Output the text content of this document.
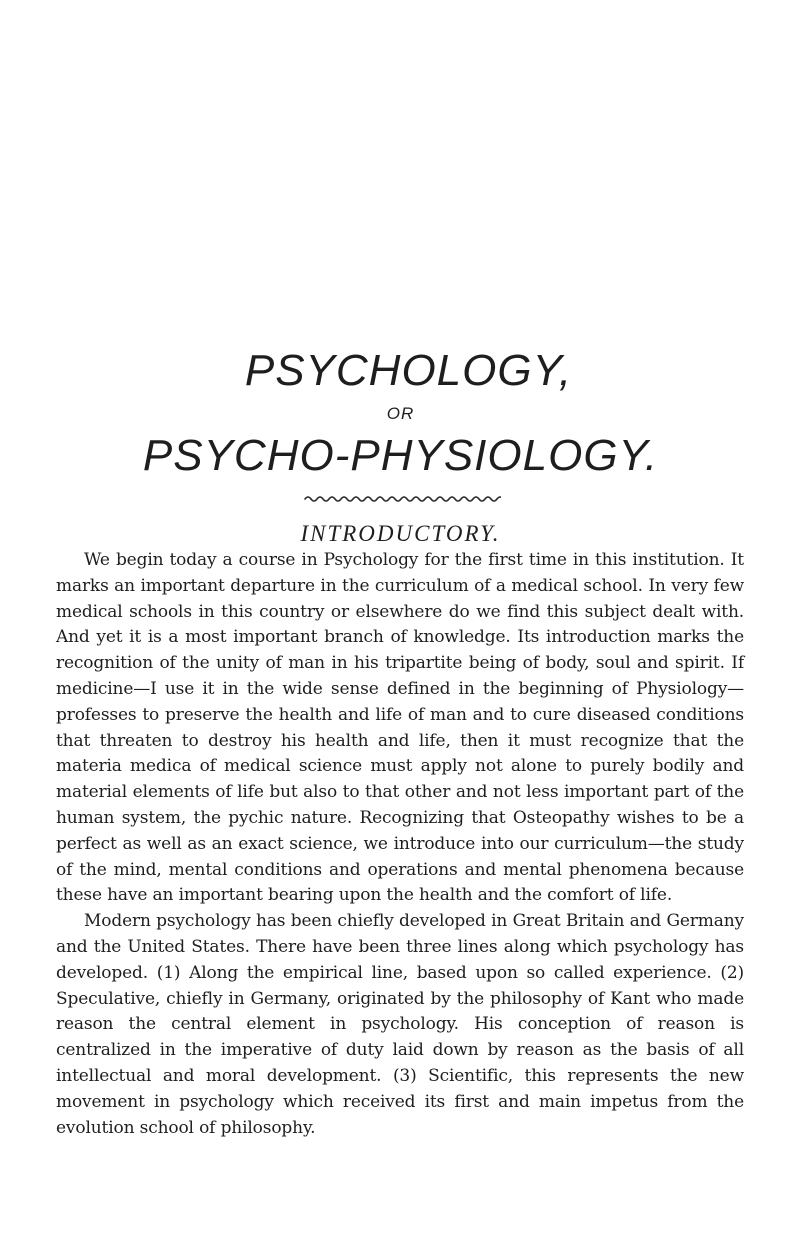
PSYCHOLOGY,
OR
PSYCHO-PHYSIOLOGY.
INTRODUCTORY.

We begin today a course in Psychology for the first time in this institution. It marks an important departure in the curriculum of a medical school. In very few medical schools in this country or elsewhere do we find this subject dealt with. And yet it is a most important branch of knowledge. Its introduction marks the recognition of the unity of man in his tripartite being of body, soul and spirit. If medicine—I use it in the wide sense defined in the beginning of Physiology—professes to preserve the health and life of man and to cure diseased conditions that threaten to destroy his health and life, then it must recognize that the materia medica of medical science must apply not alone to purely bodily and material elements of life but also to that other and not less important part of the human system, the pychic nature. Recognizing that Osteopathy wishes to be a perfect as well as an exact science, we introduce into our curriculum—the study of the mind, mental conditions and operations and mental phenomena because these have an important bearing upon the health and the comfort of life.

Modern psychology has been chiefly developed in Great Britain and Germany and the United States. There have been three lines along which psychology has developed. (1) Along the empirical line, based upon so called experience. (2) Speculative, chiefly in Germany, originated by the philosophy of Kant who made reason the central element in psychology. His conception of reason is centralized in the imperative of duty laid down by reason as the basis of all intellectual and moral development. (3) Scientific, this represents the new movement in psychology which received its first and main impetus from the evolution school of philosophy.
